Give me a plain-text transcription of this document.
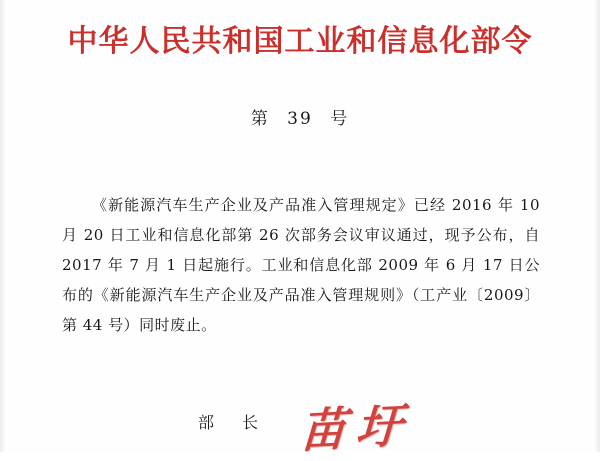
中华人民共和国工业和信息化部令
第 39 号
《新能源汽车生产企业及产品准入管理规定》已经 2016 年 10 月 20 日工业和信息化部第 26 次部务会议审议通过，现予公布，自 2017 年 7 月 1 日起施行。工业和信息化部 2009 年 6 月 17 日公布的《新能源汽车生产企业及产品准入管理规则》（工产业〔2009〕第 44 号）同时废止。
部　长 苗圩
